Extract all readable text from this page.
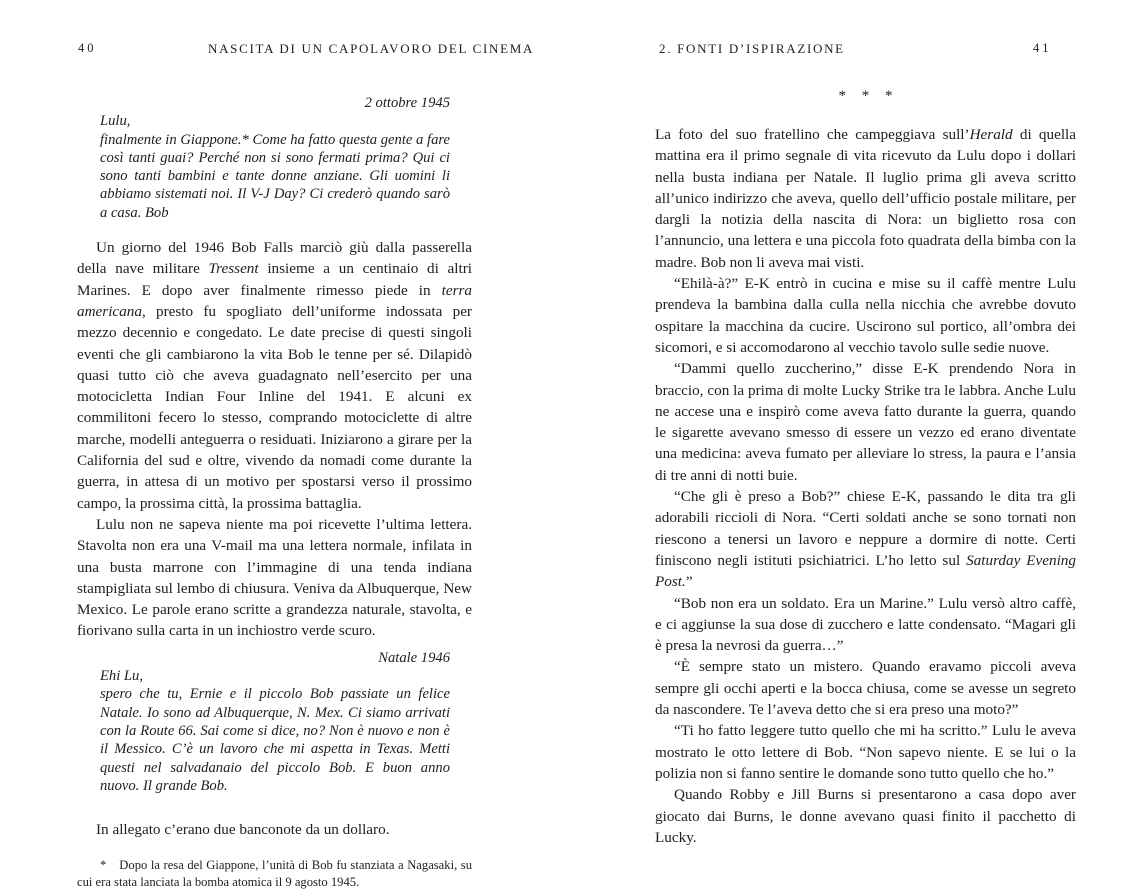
40	NASCITA DI UN CAPOLAVORO DEL CINEMA
2 ottobre 1945
Lulu,

finalmente in Giappone.* Come ha fatto questa gente a fare così tanti guai? Perché non si sono fermati prima? Qui ci sono tanti bambini e tante donne anziane. Gli uomini li abbiamo sistemati noi. Il V-J Day? Ci crederò quando sarò a casa. Bob

Un giorno del 1946 Bob Falls marciò giù dalla passerella della nave militare Tressent insieme a un centinaio di altri Marines. E dopo aver finalmente rimesso piede in terra americana, presto fu spogliato dell’uniforme indossata per mezzo decennio e congedato. Le date precise di questi singoli eventi che gli cambiarono la vita Bob le tenne per sé. Dilapidò quasi tutto ciò che aveva guadagnato nell’esercito per una motocicletta Indian Four Inline del 1941. E alcuni ex commilitoni fecero lo stesso, comprando motociclette di altre marche, modelli anteguerra o residuati. Iniziarono a girare per la California del sud e oltre, vivendo da nomadi come durante la guerra, in attesa di un motivo per spostarsi verso il prossimo campo, la prossima città, la prossima battaglia.

Lulu non ne sapeva niente ma poi ricevette l’ultima lettera. Stavolta non era una V-mail ma una lettera normale, infilata in una busta marrone con l’immagine di una tenda indiana stampigliata sul lembo di chiusura. Veniva da Albuquerque, New Mexico. Le parole erano scritte a grandezza naturale, stavolta, e fiorivano sulla carta in un inchiostro verde scuro.

Natale 1946
Ehi Lu,

spero che tu, Ernie e il piccolo Bob passiate un felice Natale. Io sono ad Albuquerque, N. Mex. Ci siamo arrivati con la Route 66. Sai come si dice, no? Non è nuovo e non è il Messico. C’è un lavoro che mi aspetta in Texas. Metti questi nel salvadanaio del piccolo Bob. E buon anno nuovo. Il grande Bob.

In allegato c’erano due banconote da un dollaro.

* Dopo la resa del Giappone, l’unità di Bob fu stanziata a Nagasaki, su cui era stata lanciata la bomba atomica il 9 agosto 1945.
2. FONTI D’ISPIRAZIONE	41
* * *

La foto del suo fratellino che campeggiava sull’Herald di quella mattina era il primo segnale di vita ricevuto da Lulu dopo i dollari nella busta indiana per Natale. Il luglio prima gli aveva scritto all’unico indirizzo che aveva, quello dell’ufficio postale militare, per dargli la notizia della nascita di Nora: un biglietto rosa con l’annuncio, una lettera e una piccola foto quadrata della bimba con la madre. Bob non li aveva mai visti.

“Ehilà-à?” E-K entrò in cucina e mise su il caffè mentre Lulu prendeva la bambina dalla culla nella nicchia che avrebbe dovuto ospitare la macchina da cucire. Uscirono sul portico, all’ombra dei sicomori, e si accomodarono al vecchio tavolo sulle sedie nuove.

“Dammi quello zuccherino,” disse E-K prendendo Nora in braccio, con la prima di molte Lucky Strike tra le labbra. Anche Lulu ne accese una e inspirò come aveva fatto durante la guerra, quando le sigarette avevano smesso di essere un vezzo ed erano diventate una medicina: aveva fumato per alleviare lo stress, la paura e l’ansia di tre anni di notti buie.

“Che gli è preso a Bob?” chiese E-K, passando le dita tra gli adorabili riccioli di Nora. “Certi soldati anche se sono tornati non riescono a tenersi un lavoro e neppure a dormire di notte. Certi finiscono negli istituti psichiatrici. L’ho letto sul Saturday Evening Post.”

“Bob non era un soldato. Era un Marine.” Lulu versò altro caffè, e ci aggiunse la sua dose di zucchero e latte condensato. “Magari gli è presa la nevrosi da guerra…”

“È sempre stato un mistero. Quando eravamo piccoli aveva sempre gli occhi aperti e la bocca chiusa, come se avesse un segreto da nascondere. Te l’aveva detto che si era preso una moto?”

“Ti ho fatto leggere tutto quello che mi ha scritto.” Lulu le aveva mostrato le otto lettere di Bob. “Non sapevo niente. E se lui o la polizia non si fanno sentire le domande sono tutto quello che ho.”

Quando Robby e Jill Burns si presentarono a casa dopo aver giocato dai Burns, le donne avevano quasi finito il pacchetto di Lucky.
